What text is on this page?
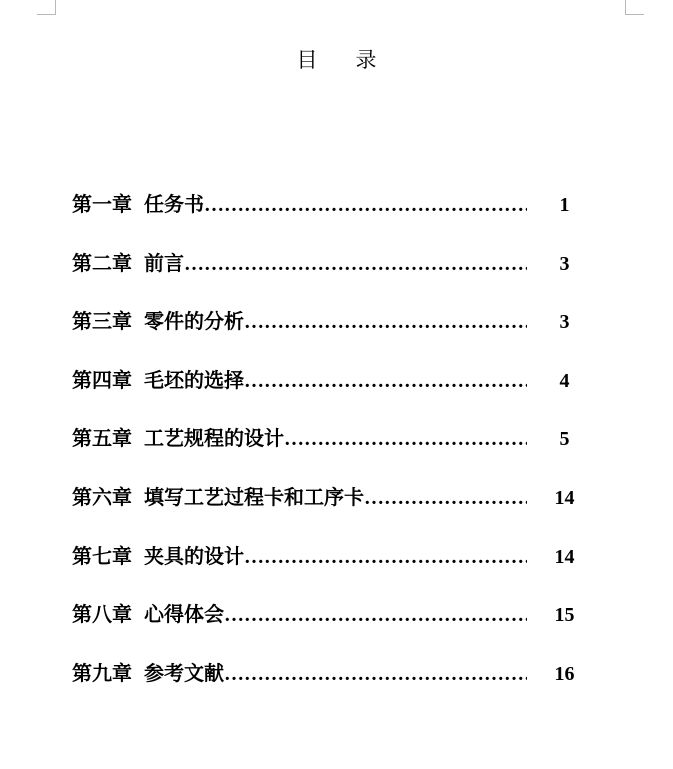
目 录
第一章 任务书 ……………………………………………………………………………………	1
第二章 前言 ……………………………………………………………………………………	3
第三章 零件的分析 ……………………………………………………………………………………	3
第四章 毛坯的选择 ……………………………………………………………………………………	4
第五章 工艺规程的设计 ……………………………………………………………………………………	5
第六章 填写工艺过程卡和工序卡 ……………………………………………………………………………………	14
第七章 夹具的设计 ……………………………………………………………………………………	14
第八章 心得体会 ……………………………………………………………………………………	15
第九章 参考文献 ……………………………………………………………………………………	16
